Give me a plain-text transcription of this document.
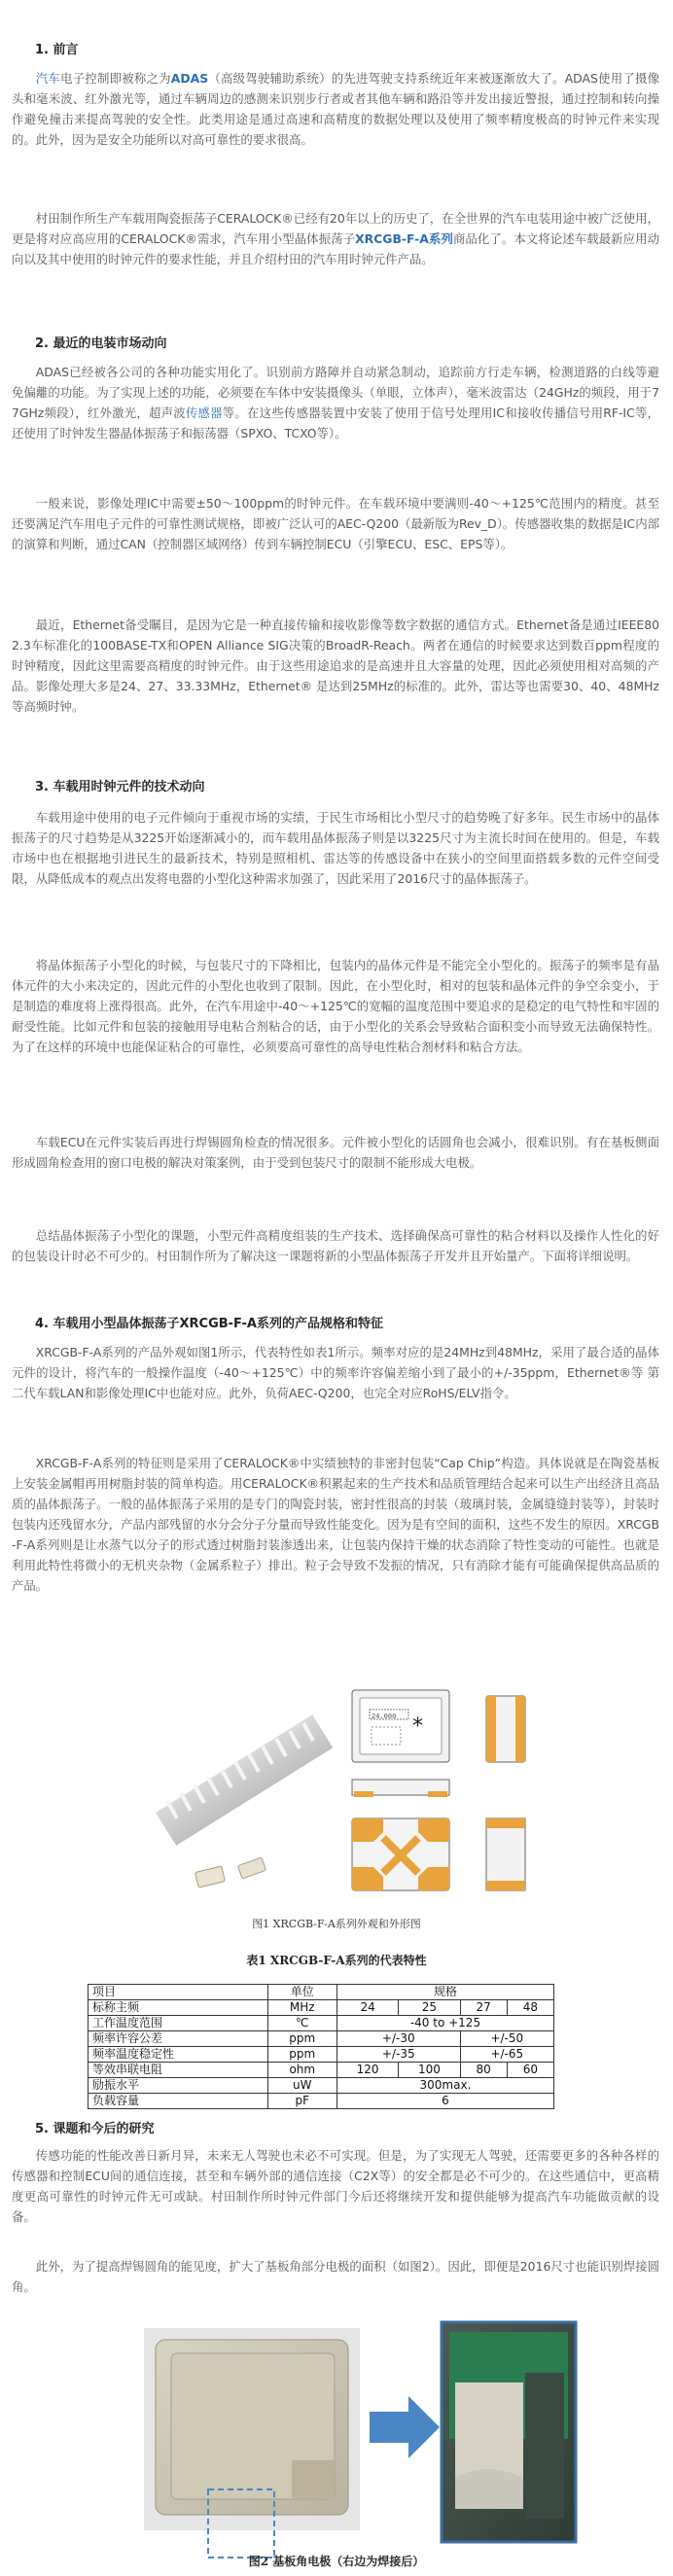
1. 前言

汽车电子控制即被称之为ADAS（高级驾驶辅助系统）的先进驾驶支持系统近年来被逐渐放大了。ADAS使用了摄像头和毫米波、红外激光等，通过车辆周边的感测来识别步行者或者其他车辆和路沿等并发出接近警报，通过控制和转向操作避免撞击来提高驾驶的安全性。此类用途是通过高速和高精度的数据处理以及使用了频率精度极高的时钟元件来实现的。此外，因为是安全功能所以对高可靠性的要求很高。

村田制作所生产车载用陶瓷振荡子CERALOCK®已经有20年以上的历史了，在全世界的汽车电装用途中被广泛使用，更是将对应高应用的CERALOCK®需求，汽车用小型晶体振荡子XRCGB-F-A系列商品化了。本文将论述车载最新应用动向以及其中使用的时钟元件的要求性能，并且介绍村田的汽车用时钟元件产品。

2. 最近的电装市场动向

ADAS已经被各公司的各种功能实用化了。识别前方路障并自动紧急制动，追踪前方行走车辆，检测道路的白线等避免偏離的功能。为了实现上述的功能，必须要在车体中安装摄像头（单眼，立体声），毫米波雷达（24GHz的频段，用于77GHz频段），红外激光，超声波传感器等。在这些传感器装置中安装了使用于信号处理用IC和接收传播信号用RF-IC等，还使用了时钟发生器晶体振荡子和振荡器（SPXO、TCXO等）。

一般来说，影像处理IC中需要±50～100ppm的时钟元件。在车载环境中要满则-40～+125℃范围内的精度。甚至还要满足汽车用电子元件的可靠性测试规格，即被广泛认可的AEC-Q200（最新版为Rev_D）。传感器收集的数据是IC内部的演算和判断，通过CAN（控制器区域网络）传到车辆控制ECU（引擎ECU、ESC、EPS等）。

最近，Ethernet备受瞩目，是因为它是一种直接传输和接收影像等数字数据的通信方式。Ethernet备是通过IEEE802.3车标准化的100BASE-TX和OPEN Alliance SIG决策的BroadR-Reach。两者在通信的时候要求达到数百ppm程度的时钟精度，因此这里需要高精度的时钟元件。由于这些用途追求的是高速并且大容量的处理，因此必须使用相对高频的产品。影像处理大多是24、27、33.33MHz，Ethernet® 是达到25MHz的标准的。此外，雷达等也需要30、40、48MHz等高频时钟。

3. 车载用时钟元件的技术动向

车载用途中使用的电子元件倾向于重视市场的实绩，于民生市场相比小型尺寸的趋势晚了好多年。民生市场中的晶体振荡子的尺寸趋势是从3225开始逐渐减小的，而车载用晶体振荡子则是以3225尺寸为主流长时间在使用的。但是，车载市场中也在根据地引进民生的最新技术，特别是照相机、雷达等的传感设备中在狭小的空间里面搭载多数的元件空间受限，从降低成本的观点出发将电器的小型化这种需求加强了，因此采用了2016尺寸的晶体振荡子。

将晶体振荡子小型化的时候，与包装尺寸的下降相比，包装内的晶体元件是不能完全小型化的。振荡子的频率是有晶体元件的大小来决定的，因此元件的小型化也收到了限制。因此，在小型化时，相对的包装和晶体元件的争空余变小，于是制造的难度将上涨得很高。此外，在汽车用途中-40～+125℃的宽幅的温度范围中要追求的是稳定的电气特性和牢固的耐受性能。比如元件和包装的接触用导电粘合剂粘合的话，由于小型化的关系会导致粘合面积变小而导致无法确保特性。为了在这样的环境中也能保证粘合的可靠性，必须要高可靠性的高导电性粘合剂材料和粘合方法。

车载ECU在元件实装后再进行焊锡圆角检查的情况很多。元件被小型化的话圆角也会减小，很难识别。有在基板侧面形成圆角检查用的窗口电极的解决对策案例，由于受到包装尺寸的限制不能形成大电极。

总结晶体振荡子小型化的课题，小型元件高精度组装的生产技术、选择确保高可靠性的粘合材料以及操作人性化的好的包装设计时必不可少的。村田制作所为了解决这一课题将新的小型晶体振荡子开发并且开始量产。下面将详细说明。

4. 车载用小型晶体振荡子XRCGB-F-A系列的产品规格和特征

XRCGB-F-A系列的产品外观如图1所示，代表特性如表1所示。频率对应的是24MHz到48MHz，采用了最合适的晶体元件的设计，将汽车的一般操作温度（-40～+125℃）中的频率许容偏差缩小到了最小的+/-35ppm，Ethernet®等 第二代车载LAN和影像处理IC中也能对应。此外，负荷AEC-Q200，也完全对应RoHS/ELV指令。

XRCGB-F-A系列的特征则是采用了CERALOCK®中实绩独特的非密封包装“Cap Chip”构造。具体说就是在陶瓷基板上安装金属帽再用树脂封装的简单构造。用CERALOCK®积累起来的生产技术和品质管理结合起来可以生产出经济且高品质的晶体振荡子。一般的晶体振荡子采用的是专门的陶瓷封装，密封性很高的封装（玻璃封装，金属缝缝封装等），封装时包装内还残留水分，产品内部残留的水分会分子分量而导致性能变化。因为是有空间的面积，这些不发生的原因。XRCGB-F-A系列则是让水蒸气以分子的形式透过树脂封装渗透出来，让包装内保持干燥的状态消除了特性变动的可能性。也就是利用此特性将微小的无机夹杂物（金属系粒子）排出。粒子会导致不发振的情况，只有消除才能有可能确保提供高品质的产品。

24.000 *
图1 XRCGB-F-A系列外观和外形图
表1 XRCGB-F-A系列的代表特性
项目	单位	规格			
标称主频	MHz	24	25	27	48
工作温度范围	℃	-40 to +125			
频率许容公差	ppm	+/-30		+/-50	
频率温度稳定性	ppm	+/-35		+/-65	
等效串联电阻	ohm	120	100	80	60
励振水平	uW	300max.			
负载容量	pF	6			
5. 课题和今后的研究

传感功能的性能改善日新月异，未来无人驾驶也未必不可实现。但是，为了实现无人驾驶，还需要更多的各种各样的传感器和控制ECU间的通信连接，甚至和车辆外部的通信连接（C2X等）的安全都是必不可少的。在这些通信中，更高精度更高可靠性的时钟元件无可或缺。村田制作所时钟元件部门今后还将继续开发和提供能够为提高汽车功能做贡献的设备。

此外，为了提高焊锡圆角的能见度，扩大了基板角部分电极的面积（如图2）。因此，即便是2016尺寸也能识别焊接圆角。

图2 基板角电极（右边为焊接后）
